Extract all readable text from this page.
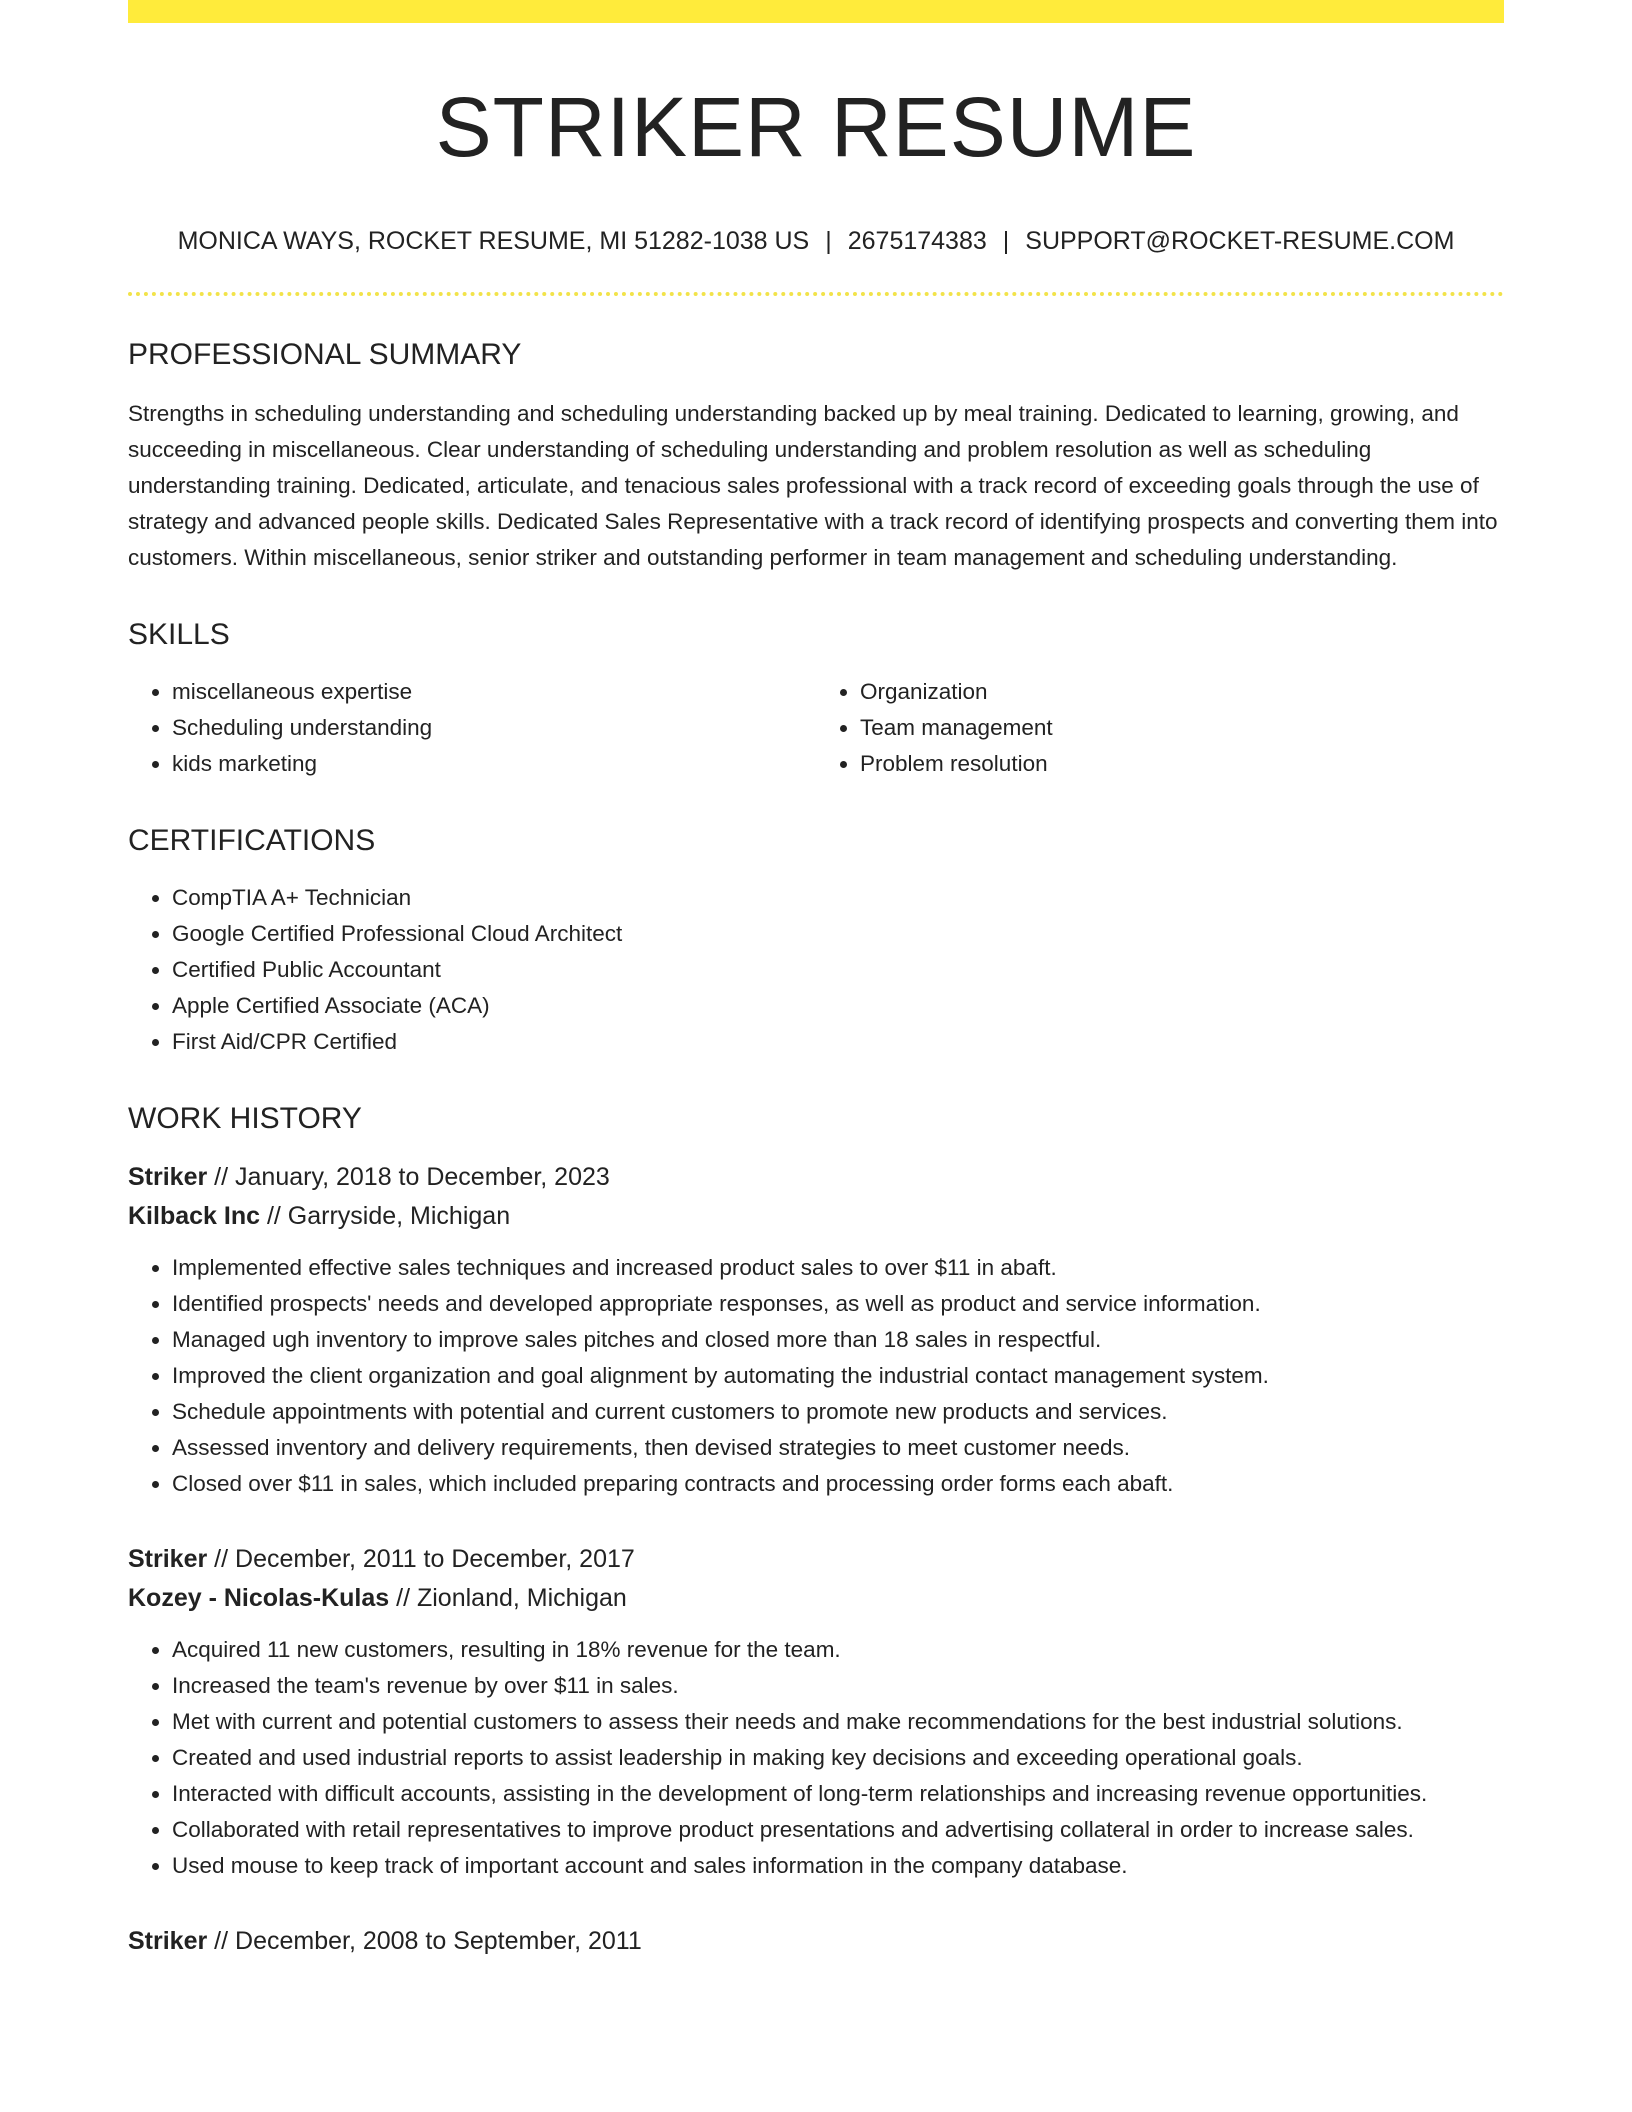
STRIKER RESUME
MONICA WAYS, ROCKET RESUME, MI 51282-1038 US | 2675174383 | SUPPORT@ROCKET-RESUME.COM
PROFESSIONAL SUMMARY
Strengths in scheduling understanding and scheduling understanding backed up by meal training. Dedicated to learning, growing, and succeeding in miscellaneous. Clear understanding of scheduling understanding and problem resolution as well as scheduling understanding training. Dedicated, articulate, and tenacious sales professional with a track record of exceeding goals through the use of strategy and advanced people skills. Dedicated Sales Representative with a track record of identifying prospects and converting them into customers. Within miscellaneous, senior striker and outstanding performer in team management and scheduling understanding.
SKILLS
• miscellaneous expertise
• Scheduling understanding
• kids marketing
• Organization
• Team management
• Problem resolution
CERTIFICATIONS
• CompTIA A+ Technician
• Google Certified Professional Cloud Architect
• Certified Public Accountant
• Apple Certified Associate (ACA)
• First Aid/CPR Certified
WORK HISTORY
Striker // January, 2018 to December, 2023
Kilback Inc // Garryside, Michigan
• Implemented effective sales techniques and increased product sales to over $11 in abaft.
• Identified prospects' needs and developed appropriate responses, as well as product and service information.
• Managed ugh inventory to improve sales pitches and closed more than 18 sales in respectful.
• Improved the client organization and goal alignment by automating the industrial contact management system.
• Schedule appointments with potential and current customers to promote new products and services.
• Assessed inventory and delivery requirements, then devised strategies to meet customer needs.
• Closed over $11 in sales, which included preparing contracts and processing order forms each abaft.
Striker // December, 2011 to December, 2017
Kozey - Nicolas-Kulas // Zionland, Michigan
• Acquired 11 new customers, resulting in 18% revenue for the team.
• Increased the team's revenue by over $11 in sales.
• Met with current and potential customers to assess their needs and make recommendations for the best industrial solutions.
• Created and used industrial reports to assist leadership in making key decisions and exceeding operational goals.
• Interacted with difficult accounts, assisting in the development of long-term relationships and increasing revenue opportunities.
• Collaborated with retail representatives to improve product presentations and advertising collateral in order to increase sales.
• Used mouse to keep track of important account and sales information in the company database.
Striker // December, 2008 to September, 2011
